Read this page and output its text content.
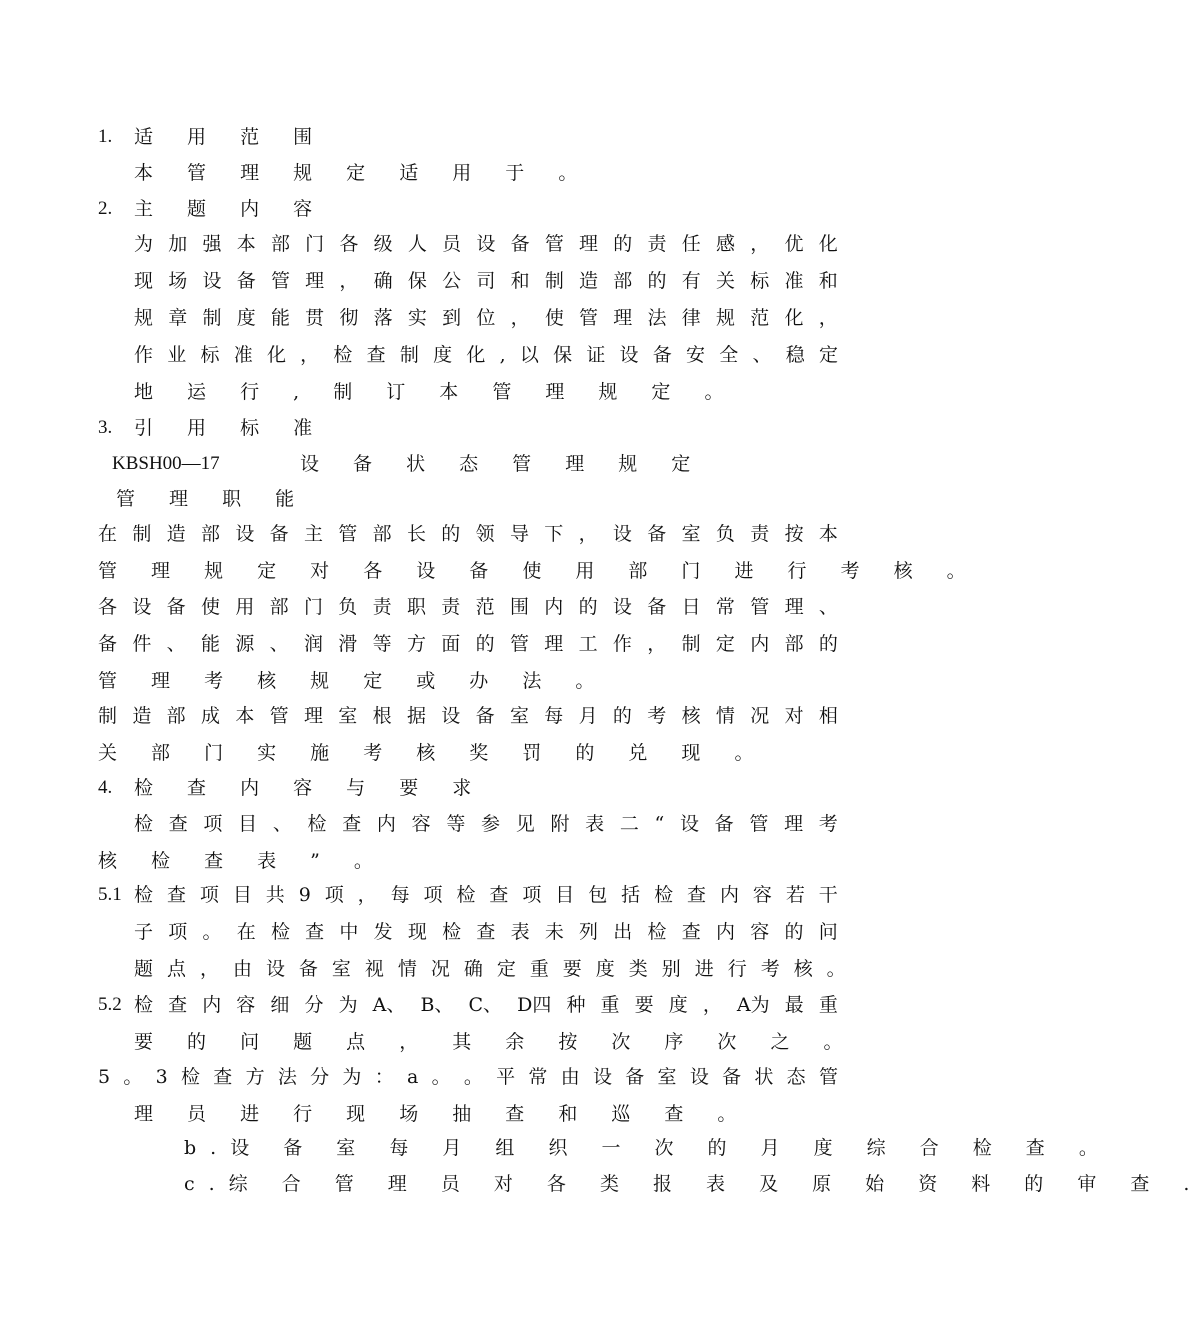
1. 适 用 范 围
本 管 理 规 定 适 用 于 。
2. 主 题 内 容
为 加 强 本 部 门 各 级 人 员 设 备 管 理 的 责 任 感 ， 优 化
现 场 设 备 管 理 ， 确 保 公 司 和 制 造 部 的 有 关 标 准 和
规 章 制 度 能 贯 彻 落 实 到 位 ， 使 管 理 法 律 规 范 化 ，
作 业 标 准 化 ， 检 查 制 度 化 , 以 保 证 设 备 安 全 、 稳 定
地 运 行 , 制 订 本 管 理 规 定 。
3. 引 用 标 准
KBSH00—17	设 备 状 态 管 理 规 定
管 理 职 能
在 制 造 部 设 备 主 管 部 长 的 领 导 下 ， 设 备 室 负 责 按 本
管 理 规 定 对 各 设 备 使 用 部 门 进 行 考 核 。
各 设 备 使 用 部 门 负 责 职 责 范 围 内 的 设 备 日 常 管 理 、
备 件 、 能 源 、 润 滑 等 方 面 的 管 理 工 作 ， 制 定 内 部 的
管 理 考 核 规 定 或 办 法 。
制 造 部 成 本 管 理 室 根 据 设 备 室 每 月 的 考 核 情 况 对 相
关 部 门 实 施 考 核 奖 罚 的 兑 现 。
4. 检 查 内 容 与 要 求
检 查 项 目 、 检 查 内 容 等 参 见 附 表 二 “ 设 备 管 理 考
核 检 查 表 ” 。
5.1 检 查 项 目 共 9 项 ， 每 项 检 查 项 目 包 括 检 查 内 容 若 干
子 项 。 在 检 查 中 发 现 检 查 表 未 列 出 检 查 内 容 的 问
题 点 ， 由 设 备 室 视 情 况 确 定 重 要 度 类 别 进 行 考 核 。
5.2 检 查 内 容 细 分 为 A、 B、 C、 D四 种 重 要 度 ， A为 最 重
要 的 问 题 点 ， 其 余 按 次 序 次 之 。
5 。 3 检 查 方 法 分 为 ： a 。 。 平 常 由 设 备 室 设 备 状 态 管
理 员 进 行 现 场 抽 查 和 巡 查 。
b.设 备 室 每 月 组 织 一 次 的 月 度 综 合 检 查 。
c.综 合 管 理 员 对 各 类 报 表 及 原 始 资 料 的 审 查 .
